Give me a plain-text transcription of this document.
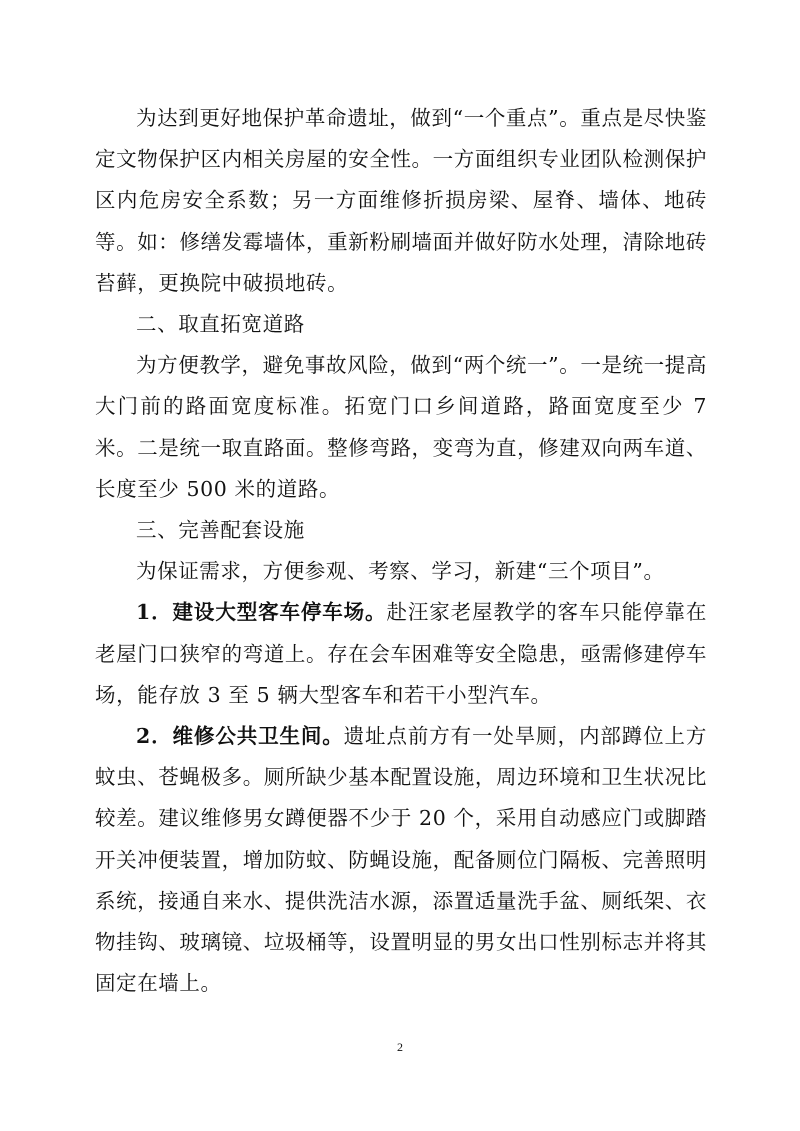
为达到更好地保护革命遗址，做到“一个重点”。重点是尽快鉴定文物保护区内相关房屋的安全性。一方面组织专业团队检测保护区内危房安全系数；另一方面维修折损房梁、屋脊、墙体、地砖等。如：修缮发霉墙体，重新粉刷墙面并做好防水处理，清除地砖苔藓，更换院中破损地砖。

二、取直拓宽道路

为方便教学，避免事故风险，做到“两个统一”。一是统一提高大门前的路面宽度标准。拓宽门口乡间道路，路面宽度至少 7 米。二是统一取直路面。整修弯路，变弯为直，修建双向两车道、长度至少 500 米的道路。

三、完善配套设施

为保证需求，方便参观、考察、学习，新建“三个项目”。

1．建设大型客车停车场。赴汪家老屋教学的客车只能停靠在老屋门口狭窄的弯道上。存在会车困难等安全隐患，亟需修建停车场，能存放 3 至 5 辆大型客车和若干小型汽车。

2．维修公共卫生间。遗址点前方有一处旱厕，内部蹲位上方蚊虫、苍蝇极多。厕所缺少基本配置设施，周边环境和卫生状况比较差。建议维修男女蹲便器不少于 20 个，采用自动感应门或脚踏开关冲便装置，增加防蚊、防蝇设施，配备厕位门隔板、完善照明系统，接通自来水、提供洗洁水源，添置适量洗手盆、厕纸架、衣物挂钩、玻璃镜、垃圾桶等，设置明显的男女出口性别标志并将其固定在墙上。

2
